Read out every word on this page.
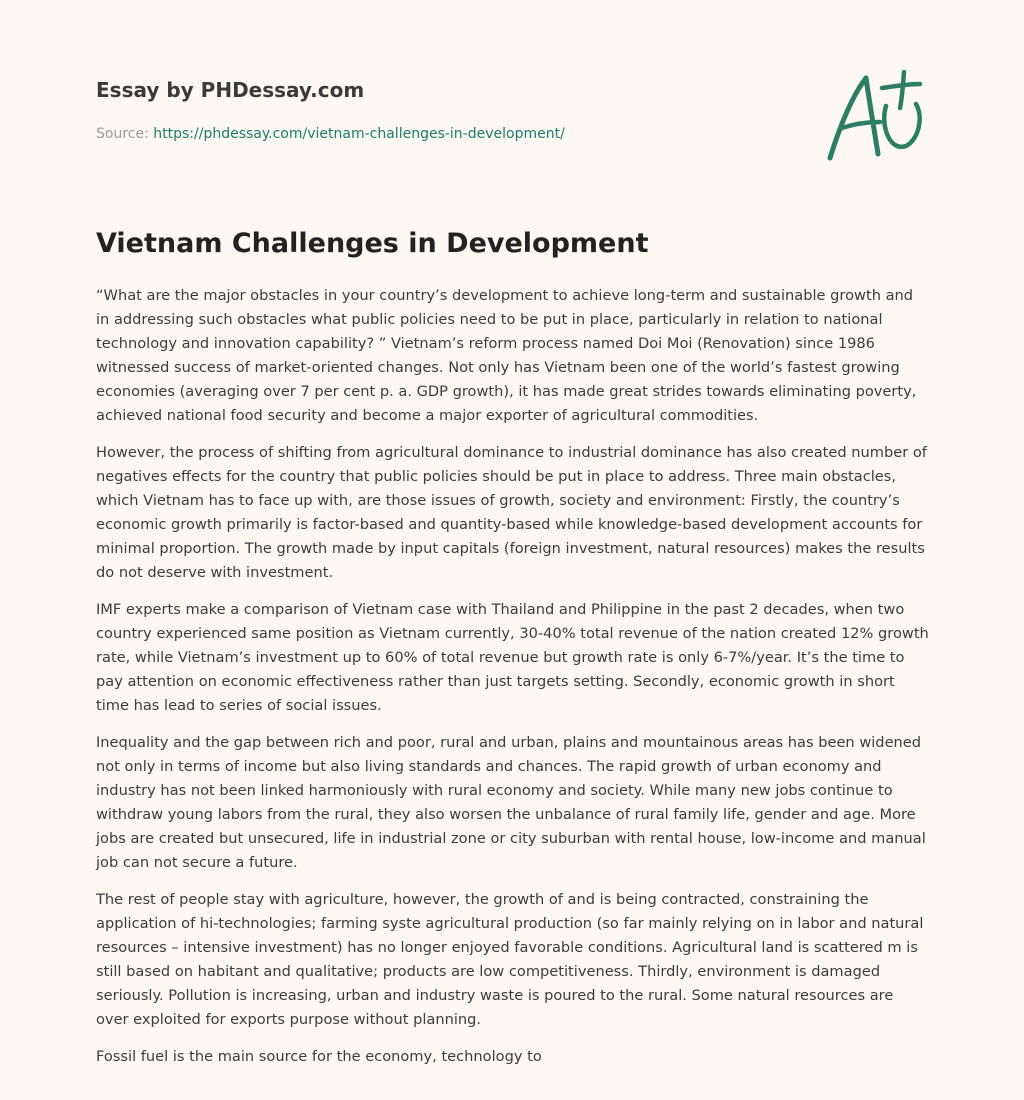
Essay by PHDessay.com
Source: https://phdessay.com/vietnam-challenges-in-development/
Vietnam Challenges in Development

“What are the major obstacles in your country’s development to achieve long-term and sustainable growth and in addressing such obstacles what public policies need to be put in place, particularly in relation to national technology and innovation capability? ” Vietnam’s reform process named Doi Moi (Renovation) since 1986 witnessed success of market-oriented changes. Not only has Vietnam been one of the world’s fastest growing economies (averaging over 7 per cent p. a. GDP growth), it has made great strides towards eliminating poverty, achieved national food security and become a major exporter of agricultural commodities.

However, the process of shifting from agricultural dominance to industrial dominance has also created number of negatives effects for the country that public policies should be put in place to address. Three main obstacles, which Vietnam has to face up with, are those issues of growth, society and environment: Firstly, the country’s economic growth primarily is factor-based and quantity-based while knowledge-based development accounts for minimal proportion. The growth made by input capitals (foreign investment, natural resources) makes the results do not deserve with investment.

IMF experts make a comparison of Vietnam case with Thailand and Philippine in the past 2 decades, when two country experienced same position as Vietnam currently, 30-40% total revenue of the nation created 12% growth rate, while Vietnam’s investment up to 60% of total revenue but growth rate is only 6-7%/year. It’s the time to pay attention on economic effectiveness rather than just targets setting. Secondly, economic growth in short time has lead to series of social issues.

Inequality and the gap between rich and poor, rural and urban, plains and mountainous areas has been widened not only in terms of income but also living standards and chances. The rapid growth of urban economy and industry has not been linked harmoniously with rural economy and society. While many new jobs continue to withdraw young labors from the rural, they also worsen the unbalance of rural family life, gender and age. More jobs are created but unsecured, life in industrial zone or city suburban with rental house, low-income and manual job can not secure a future.

The rest of people stay with agriculture, however, the growth of and is being contracted, constraining the application of hi-technologies; farming syste agricultural production (so far mainly relying on in labor and natural resources – intensive investment) has no longer enjoyed favorable conditions. Agricultural land is scattered m is still based on habitant and qualitative; products are low competitiveness. Thirdly, environment is damaged seriously. Pollution is increasing, urban and industry waste is poured to the rural. Some natural resources are over exploited for exports purpose without planning.

Fossil fuel is the main source for the economy, technology to
